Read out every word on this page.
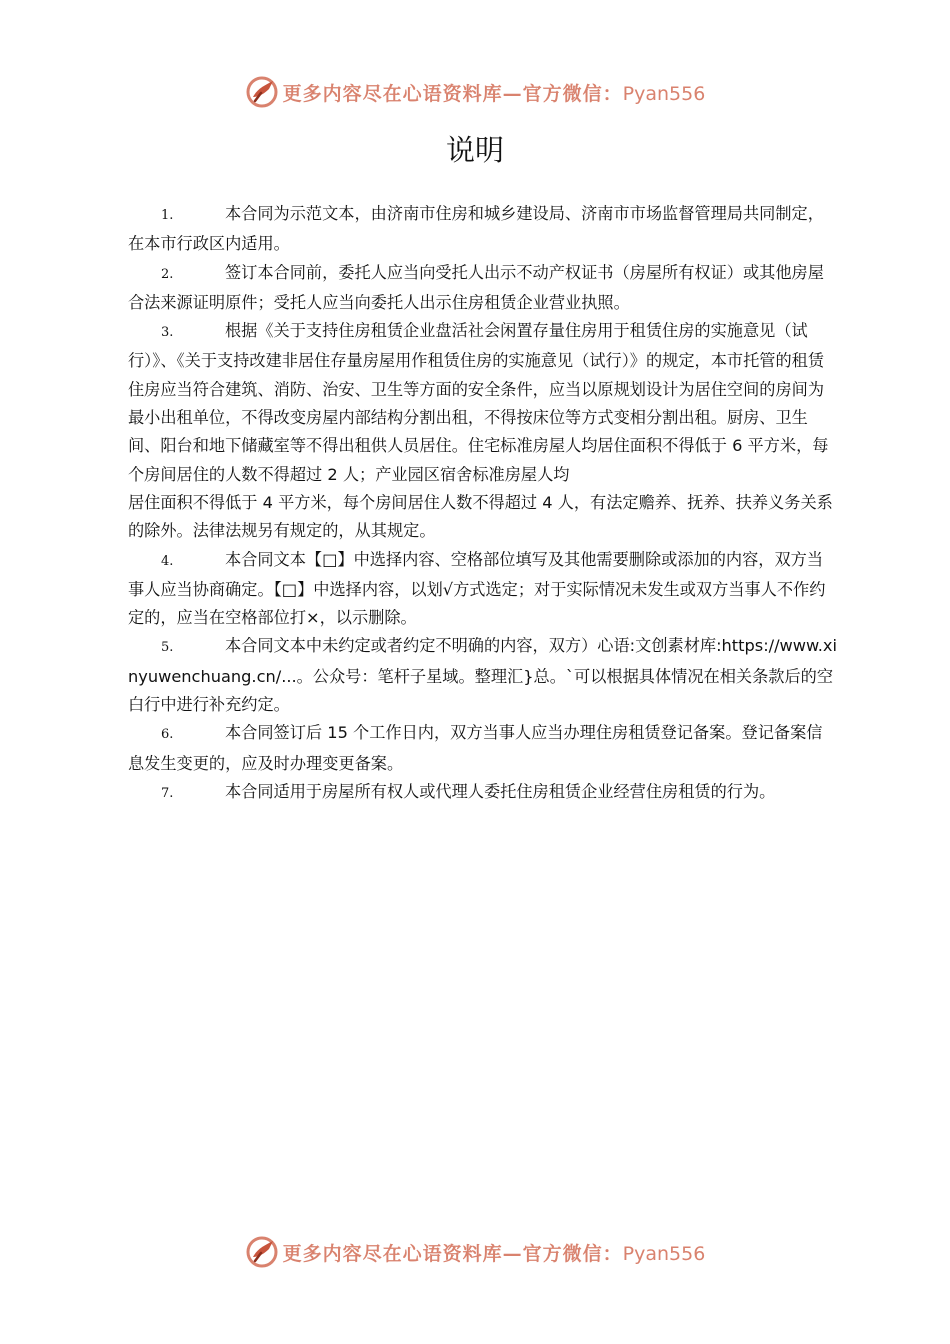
更多内容尽在心语资料库—官方微信：Pyan556
说明

1.	本合同为示范文本，由济南市住房和城乡建设局、济南市市场监督管理局共同制定， 在本市行政区内适用。

2.	签订本合同前，委托人应当向受托人出示不动产权证书（房屋所有权证）或其他房屋合法来源证明原件；受托人应当向委托人出示住房租赁企业营业执照。

3.	根据《关于支持住房租赁企业盘活社会闲置存量住房用于租赁住房的实施意见（试行）》、《关于支持改建非居住存量房屋用作租赁住房的实施意见（试行）》的规定，本市托管的租赁住房应当符合建筑、消防、治安、卫生等方面的安全条件，应当以原规划设计为居住空间的房间为最小出租单位，不得改变房屋内部结构分割出租，不得按床位等方式变相分割出租。厨房、卫生间、阳台和地下储藏室等不得出租供人员居住。住宅标准房屋人均居住面积不得低于 6 平方米，每个房间居住的人数不得超过 2 人；产业园区宿舍标准房屋人均

居住面积不得低于 4 平方米，每个房间居住人数不得超过 4 人，有法定赡养、抚养、扶养义务关系的除外。法律法规另有规定的，从其规定。

4.	本合同文本【□】中选择内容、空格部位填写及其他需要删除或添加的内容，双方当事人应当协商确定。【□】中选择内容，以划√方式选定；对于实际情况未发生或双方当事人不作约定的，应当在空格部位打×，以示删除。

5.	本合同文本中未约定或者约定不明确的内容，双方）心语:文创素材库:https://www.xinyuwenchuang.cn/...。公众号：笔杆子星域。整理汇}总。`可以根据具体情况在相关条款后的空白行中进行补充约定。

6.	本合同签订后 15 个工作日内，双方当事人应当办理住房租赁登记备案。登记备案信息发生变更的，应及时办理变更备案。

7.	本合同适用于房屋所有权人或代理人委托住房租赁企业经营住房租赁的行为。

更多内容尽在心语资料库—官方微信：Pyan556
